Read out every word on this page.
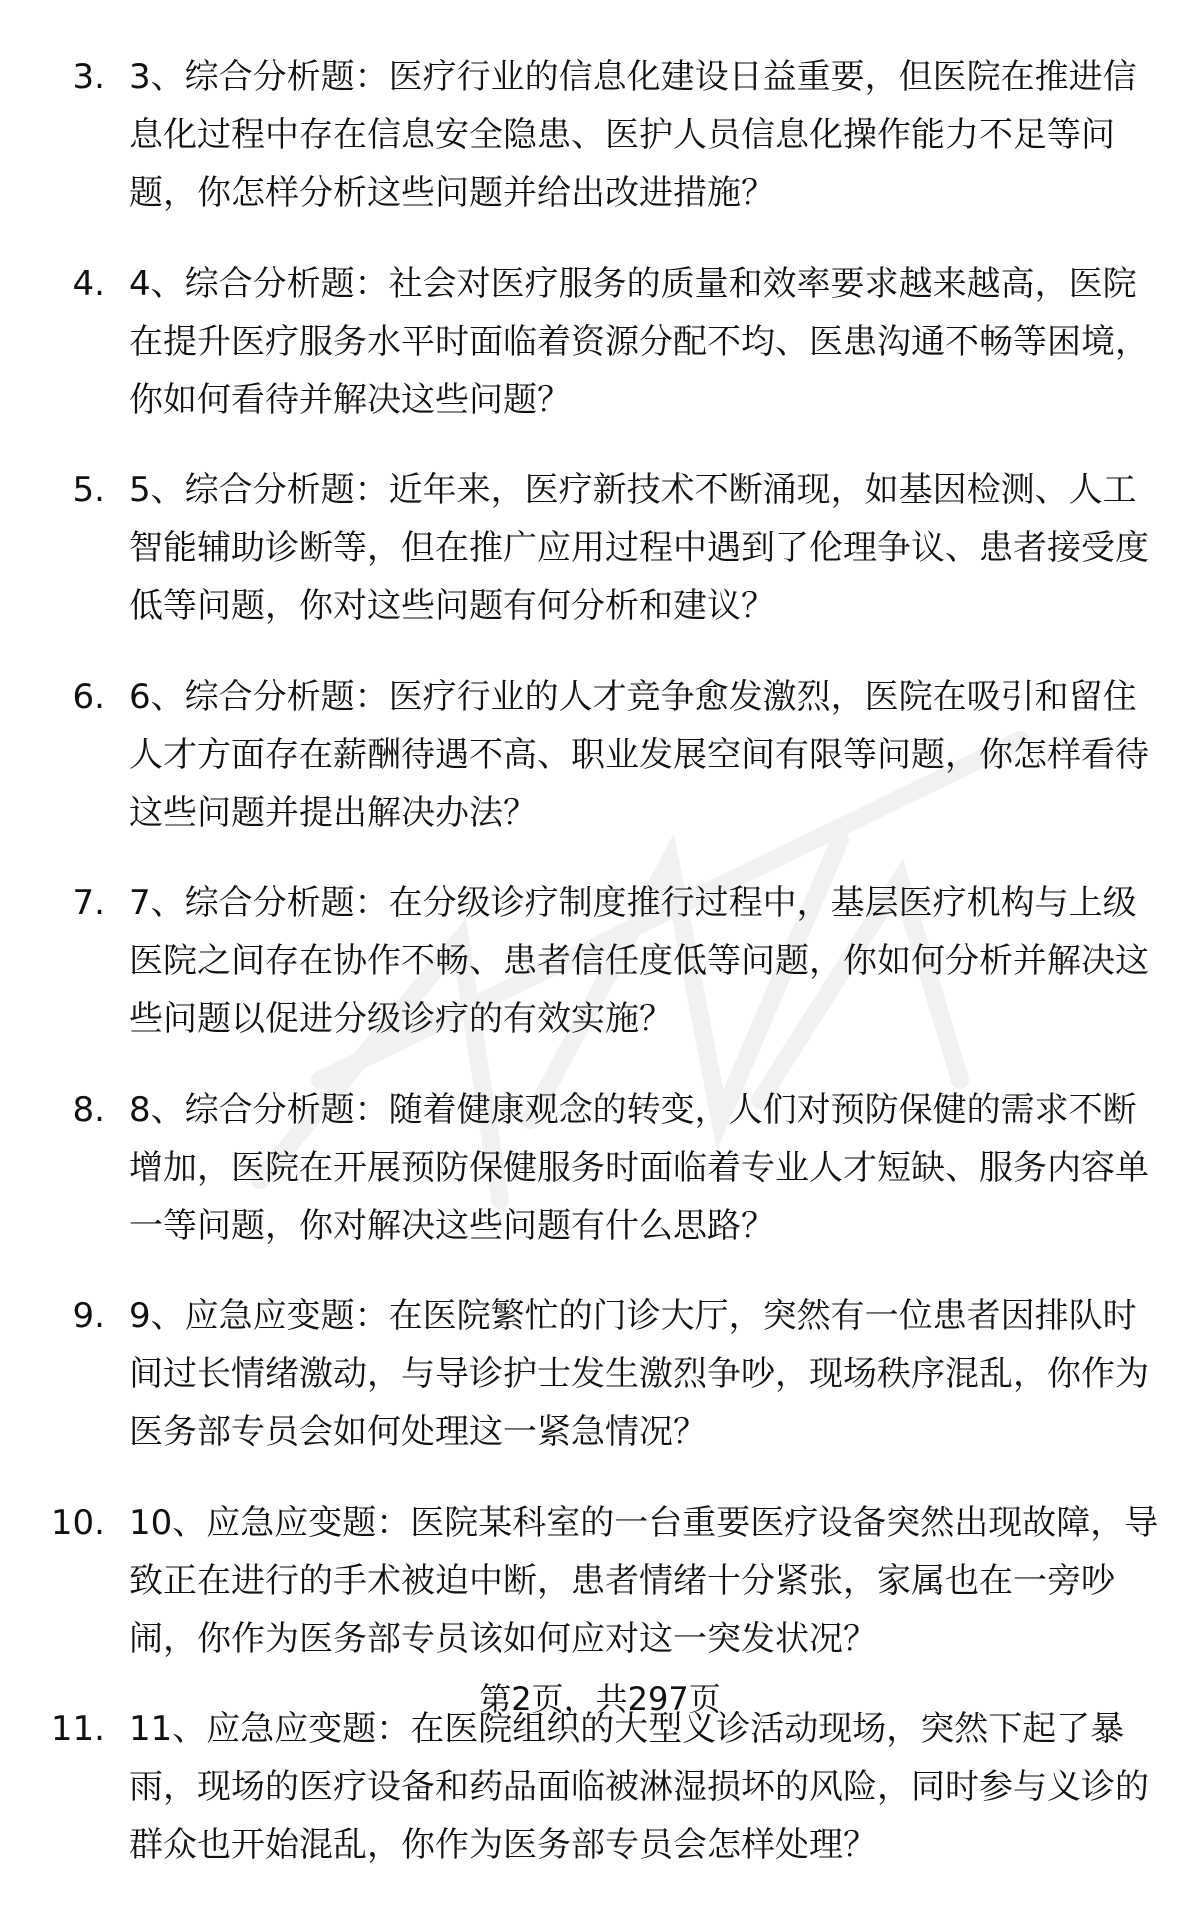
3. 3、综合分析题：医疗行业的信息化建设日益重要，但医院在推进信息化过程中存在信息安全隐患、医护人员信息化操作能力不足等问题，你怎样分析这些问题并给出改进措施？
4. 4、综合分析题：社会对医疗服务的质量和效率要求越来越高，医院在提升医疗服务水平时面临着资源分配不均、医患沟通不畅等困境，你如何看待并解决这些问题？
5. 5、综合分析题：近年来，医疗新技术不断涌现，如基因检测、人工智能辅助诊断等，但在推广应用过程中遇到了伦理争议、患者接受度低等问题，你对这些问题有何分析和建议？
6. 6、综合分析题：医疗行业的人才竞争愈发激烈，医院在吸引和留住人才方面存在薪酬待遇不高、职业发展空间有限等问题，你怎样看待这些问题并提出解决办法？
7. 7、综合分析题：在分级诊疗制度推行过程中，基层医疗机构与上级医院之间存在协作不畅、患者信任度低等问题，你如何分析并解决这些问题以促进分级诊疗的有效实施？
8. 8、综合分析题：随着健康观念的转变，人们对预防保健的需求不断增加，医院在开展预防保健服务时面临着专业人才短缺、服务内容单一等问题，你对解决这些问题有什么思路？
9. 9、应急应变题：在医院繁忙的门诊大厅，突然有一位患者因排队时间过长情绪激动，与导诊护士发生激烈争吵，现场秩序混乱，你作为医务部专员会如何处理这一紧急情况？
10. 10、应急应变题：医院某科室的一台重要医疗设备突然出现故障，导致正在进行的手术被迫中断，患者情绪十分紧张，家属也在一旁吵闹，你作为医务部专员该如何应对这一突发状况？
11. 11、应急应变题：在医院组织的大型义诊活动现场，突然下起了暴雨，现场的医疗设备和药品面临被淋湿损坏的风险，同时参与义诊的群众也开始混乱，你作为医务部专员会怎样处理？
第2页，共297页
